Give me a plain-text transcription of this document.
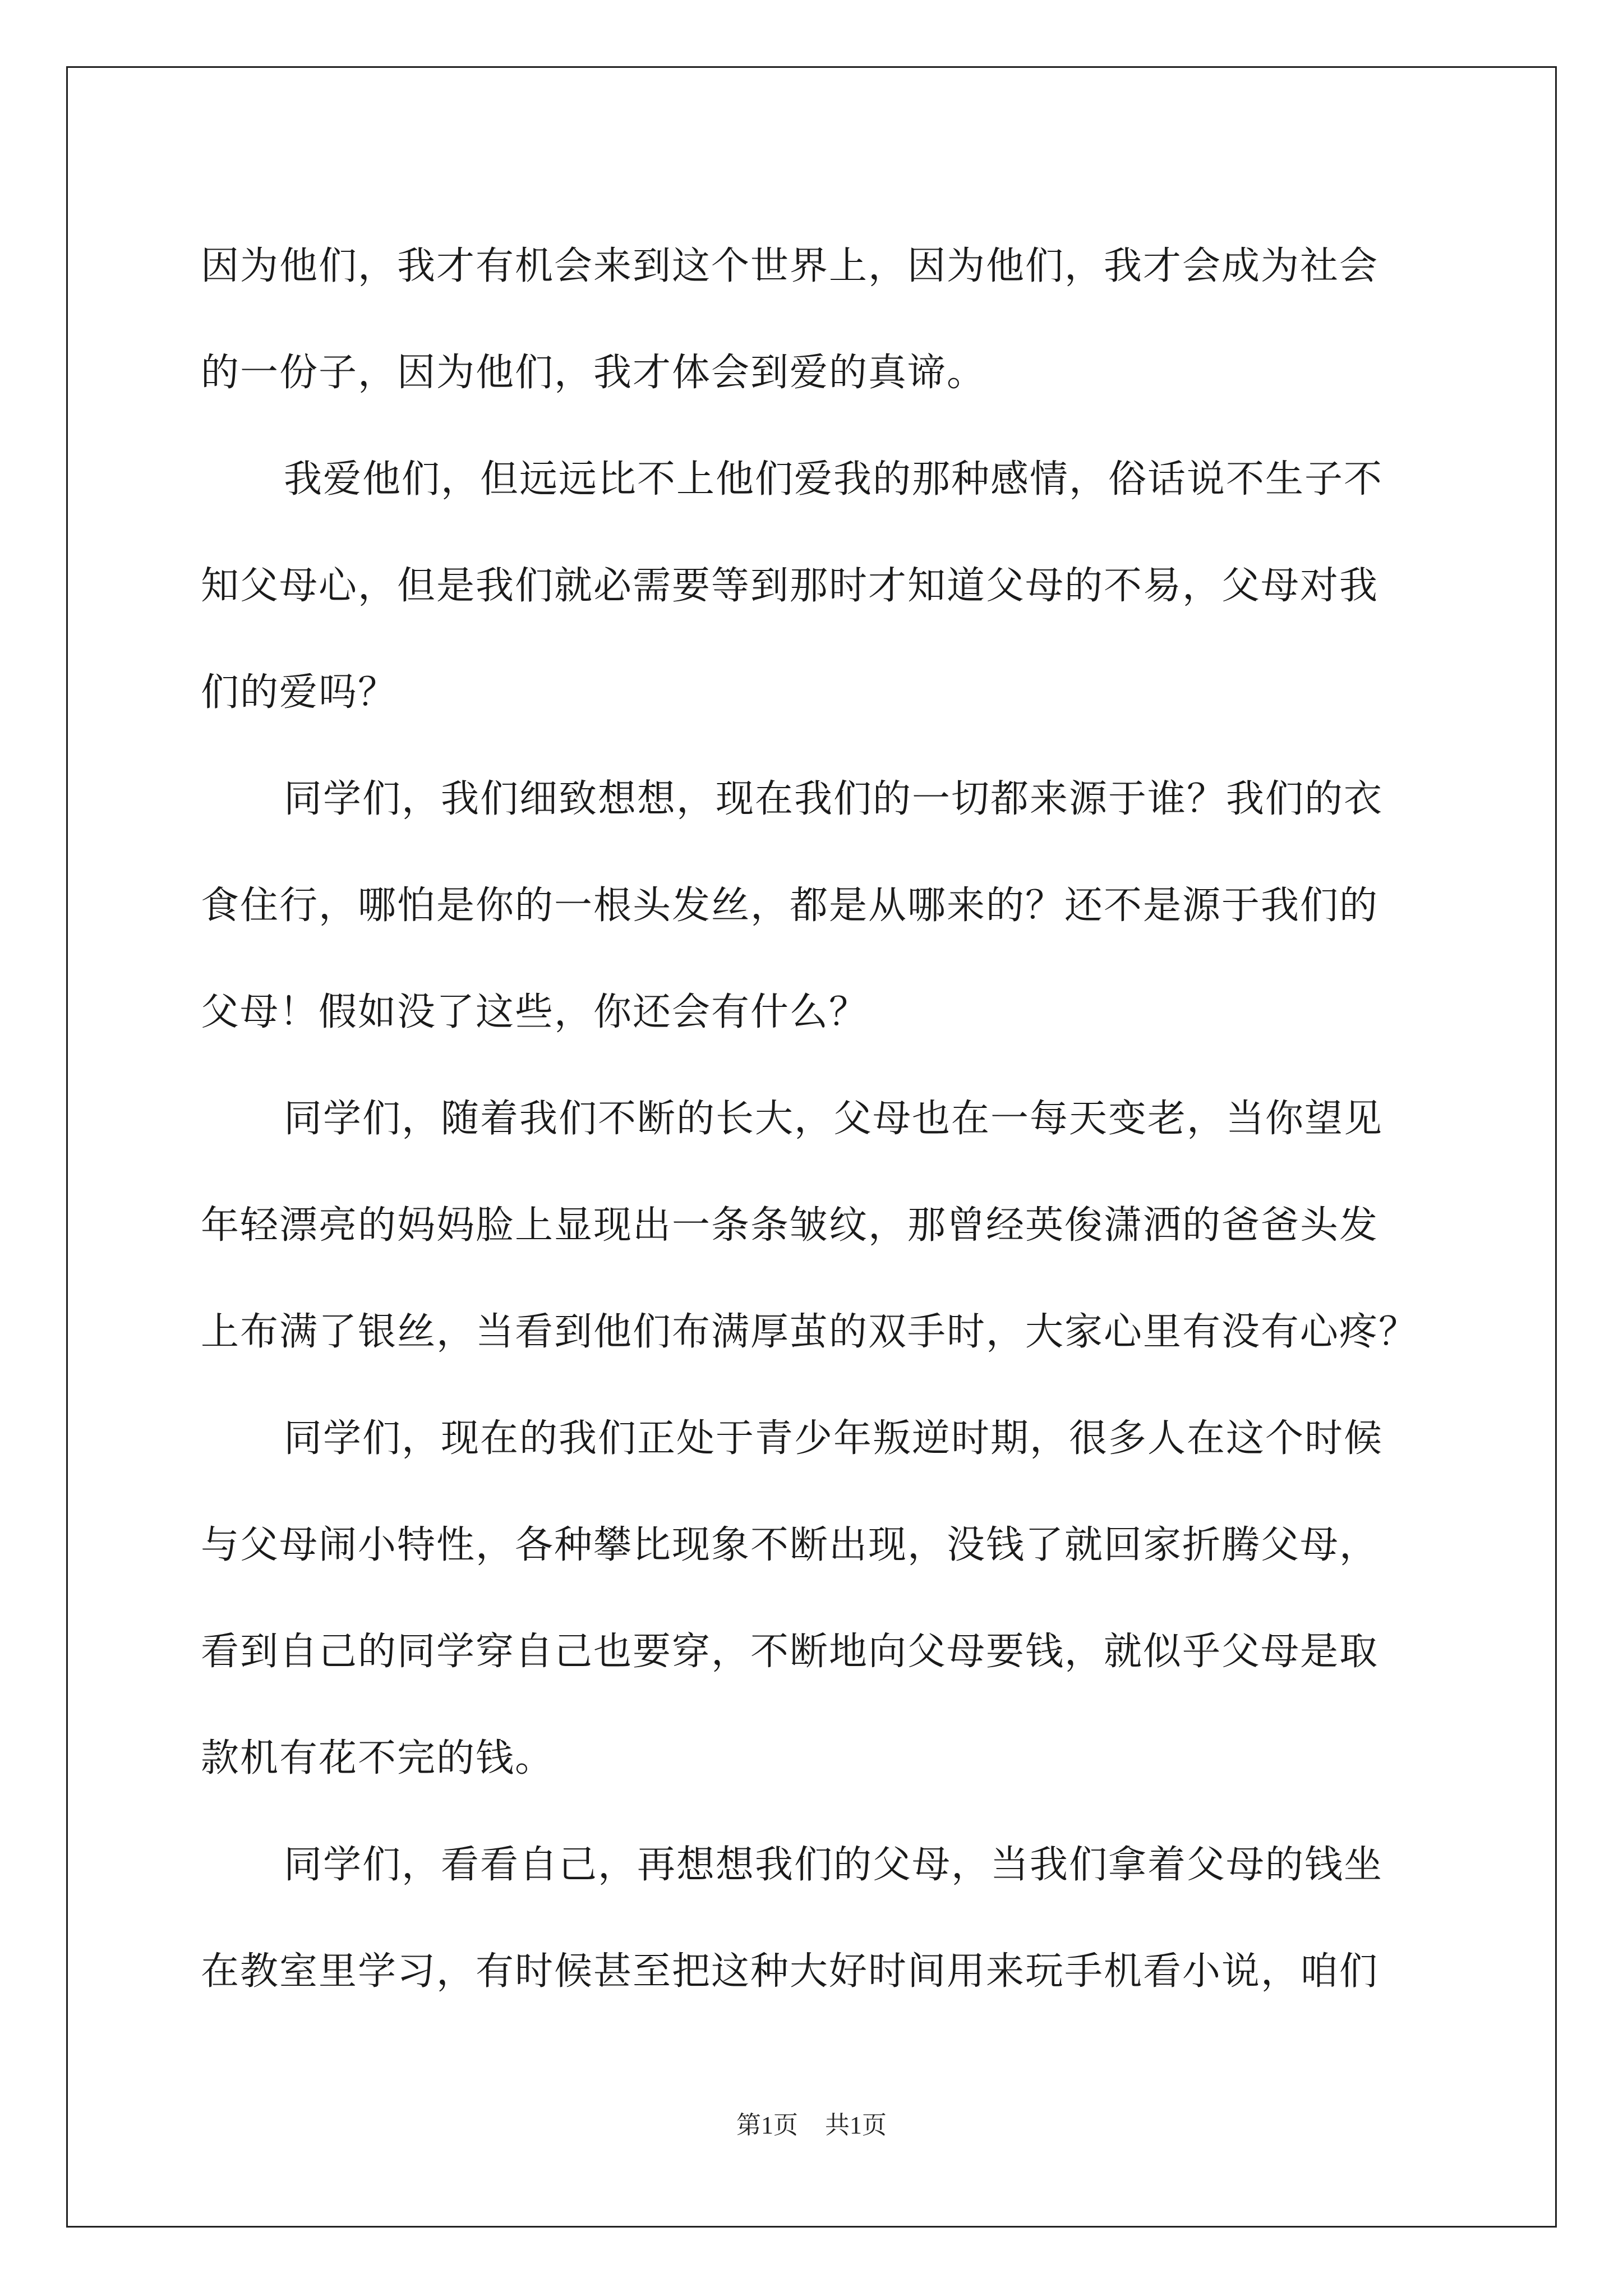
因为他们，我才有机会来到这个世界上，因为他们，我才会成为社会
的一份子，因为他们，我才体会到爱的真谛。
我爱他们，但远远比不上他们爱我的那种感情，俗话说不生子不
知父母心，但是我们就必需要等到那时才知道父母的不易，父母对我
们的爱吗？
同学们，我们细致想想，现在我们的一切都来源于谁？我们的衣
食住行，哪怕是你的一根头发丝，都是从哪来的？还不是源于我们的
父母！假如没了这些，你还会有什么？
同学们，随着我们不断的长大，父母也在一每天变老，当你望见
年轻漂亮的妈妈脸上显现出一条条皱纹，那曾经英俊潇洒的爸爸头发
上布满了银丝，当看到他们布满厚茧的双手时，大家心里有没有心疼？
同学们，现在的我们正处于青少年叛逆时期，很多人在这个时候
与父母闹小特性，各种攀比现象不断出现，没钱了就回家折腾父母，
看到自己的同学穿自己也要穿，不断地向父母要钱，就似乎父母是取
款机有花不完的钱。
同学们，看看自己，再想想我们的父母，当我们拿着父母的钱坐
在教室里学习，有时候甚至把这种大好时间用来玩手机看小说，咱们
第1页 共1页
